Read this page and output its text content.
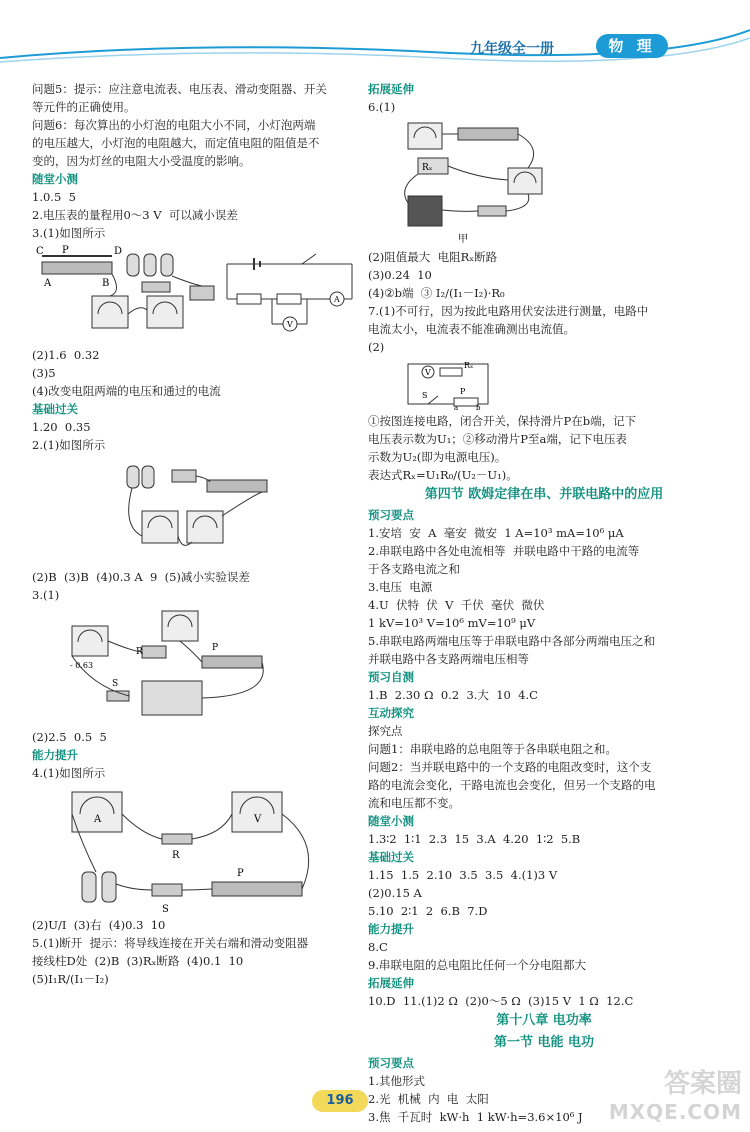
九年级全一册	物 理

问题5：提示：应注意电流表、电压表、滑动变阻器、开关

等元件的正确使用。

问题6：每次算出的小灯泡的电阻大小不同，小灯泡两端

的电压越大，小灯泡的电阻越大，而定值电阻的阻值是不

变的，因为灯丝的电阻大小受温度的影响。

随堂小测

1.0.5  5

2.电压表的量程用0～3 V  可以减小误差

3.(1)如图所示

C P	D
A	B
A
V

(2)1.6  0.32

(3)5

(4)改变电阻两端的电压和通过的电流

基础过关

1.20  0.35

2.(1)如图所示

(2)B  (3)B  (4)0.3 A  9  (5)减小实验误差

3.(1)

- 0.63
R	P
S

(2)2.5  0.5  5

能力提升

4.(1)如图所示

A	V
R
S
P

(2)U/I  (3)右  (4)0.3  10

5.(1)断开  提示：将导线连接在开关右端和滑动变阻器

接线柱D处  (2)B  (3)Rₓ断路  (4)0.1  10

(5)I₁R/(I₁－I₂)

拓展延伸

6.(1)

Rₓ
甲

(2)阻值最大  电阻Rₓ断路

(3)0.24  10

(4)②b端  ③ I₂/(I₁－I₂)·R₀

7.(1)不可行，因为按此电路用伏安法进行测量，电路中

电流太小，电流表不能准确测出电流值。

(2)

V
Rₓ
S	P
a	b

①按图连接电路，闭合开关，保持滑片P在b端，记下

电压表示数为U₁；②移动滑片P至a端，记下电压表

示数为U₂(即为电源电压)。

表达式Rₓ=U₁R₀/(U₂－U₁)。

第四节 欧姆定律在串、并联电路中的应用

预习要点

1.安培  安  A  毫安  微安  1 A=10³ mA=10⁶ μA

2.串联电路中各处电流相等  并联电路中干路的电流等

于各支路电流之和

3.电压  电源

4.U  伏特  伏  V  千伏  毫伏  微伏

1 kV=10³ V=10⁶ mV=10⁹ μV

5.串联电路两端电压等于串联电路中各部分两端电压之和

并联电路中各支路两端电压相等

预习自测

1.B  2.30 Ω  0.2  3.大  10  4.C

互动探究

探究点

问题1：串联电路的总电阻等于各串联电阻之和。

问题2：当并联电路中的一个支路的电阻改变时，这个支

路的电流会变化，干路电流也会变化，但另一个支路的电

流和电压都不变。

随堂小测

1.3∶2  1∶1  2.3  15  3.A  4.20  1∶2  5.B

基础过关

1.15  1.5  2.10  3.5  3.5  4.(1)3 V

(2)0.15 A

5.10  2∶1  2  6.B  7.D

能力提升

8.C

9.串联电阻的总电阻比任何一个分电阻都大

拓展延伸

10.D  11.(1)2 Ω  (2)0～5 Ω  (3)15 V  1 Ω  12.C

第十八章 电功率

第一节 电能 电功

预习要点

1.其他形式

2.光  机械  内  电  太阳

3.焦  千瓦时  kW·h  1 kW·h=3.6×10⁶ J

196
答案圈
MXQE.COM
